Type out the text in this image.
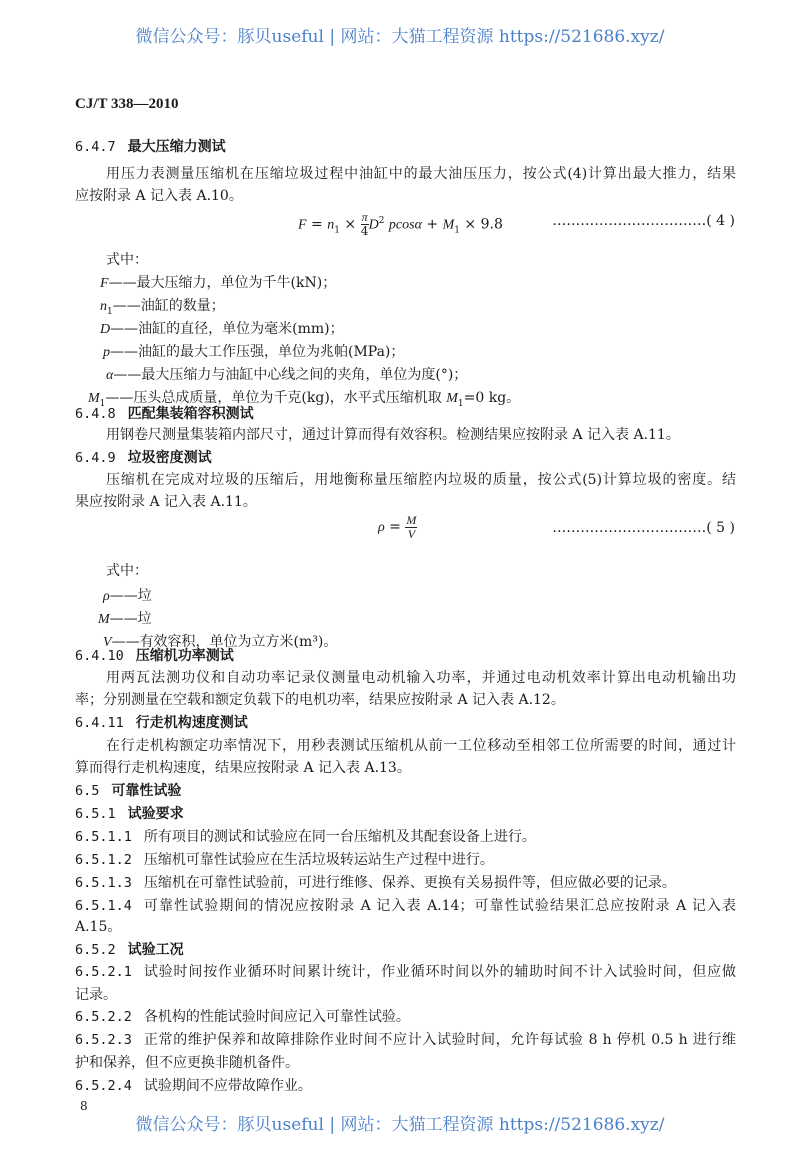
微信公众号：豚贝useful | 网站：大猫工程资源 https://521686.xyz/
CJ/T 338—2010
6.4.7 最大压缩力测试
用压力表测量压缩机在压缩垃圾过程中油缸中的最大油压压力，按公式(4)计算出最大推力，结果
应按附录 A 记入表 A.10。
$F = n_1 \times \frac{\pi}{4} D^2$ $pcos\alpha + M_1 \times 9.8$	……………………………( 4 )
式中：
F——最大压缩力，单位为千牛(kN)；
$n_1——$油缸的数量；
D——油缸的直径，单位为毫米(mm)；
p——油缸的最大工作压强，单位为兆帕(MPa)；
α——最大压缩力与油缸中心线之间的夹角，单位为度(°)；
$M_1——$压头总成质量，单位为千克(kg)，水平式压缩机取 $M_1=0$ kg。
6.4.8 匹配集装箱容积测试
用钢卷尺测量集装箱内部尺寸，通过计算而得有效容积。检测结果应按附录 A 记入表 A.11。
6.4.9 垃圾密度测试
压缩机在完成对垃圾的压缩后，用地衡称量压缩腔内垃圾的质量，按公式(5)计算垃圾的密度。结
果应按附录 A 记入表 A.11。
$\rho = \frac{M}{V}$	……………………………( 5 )
式中：
ρ——垃
M——垃
V——有效容积，单位为立方米(m³)。
6.4.10 压缩机功率测试
用两瓦法测功仪和自动功率记录仪测量电动机输入功率，并通过电动机效率计算出电动机输出功
率；分别测量在空载和额定负载下的电机功率，结果应按附录 A 记入表 A.12。
6.4.11 行走机构速度测试
在行走机构额定功率情况下，用秒表测试压缩机从前一工位移动至相邻工位所需要的时间，通过计
算而得行走机构速度，结果应按附录 A 记入表 A.13。
6.5 可靠性试验
6.5.1 试验要求
6.5.1.1 所有项目的测试和试验应在同一台压缩机及其配套设备上进行。
6.5.1.2 压缩机可靠性试验应在生活垃圾转运站生产过程中进行。
6.5.1.3 压缩机在可靠性试验前，可进行维修、保养、更换有关易损件等，但应做必要的记录。
6.5.1.4 可靠性试验期间的情况应按附录 A 记入表 A.14；可靠性试验结果汇总应按附录 A 记入表
A.15。
6.5.2 试验工况
6.5.2.1 试验时间按作业循环时间累计统计，作业循环时间以外的辅助时间不计入试验时间，但应做
记录。
6.5.2.2 各机构的性能试验时间应记入可靠性试验。
6.5.2.3 正常的维护保养和故障排除作业时间不应计入试验时间，允许每试验 8 h 停机 0.5 h 进行维
护和保养，但不应更换非随机备件。
6.5.2.4 试验期间不应带故障作业。
8
微信公众号：豚贝useful | 网站：大猫工程资源 https://521686.xyz/
